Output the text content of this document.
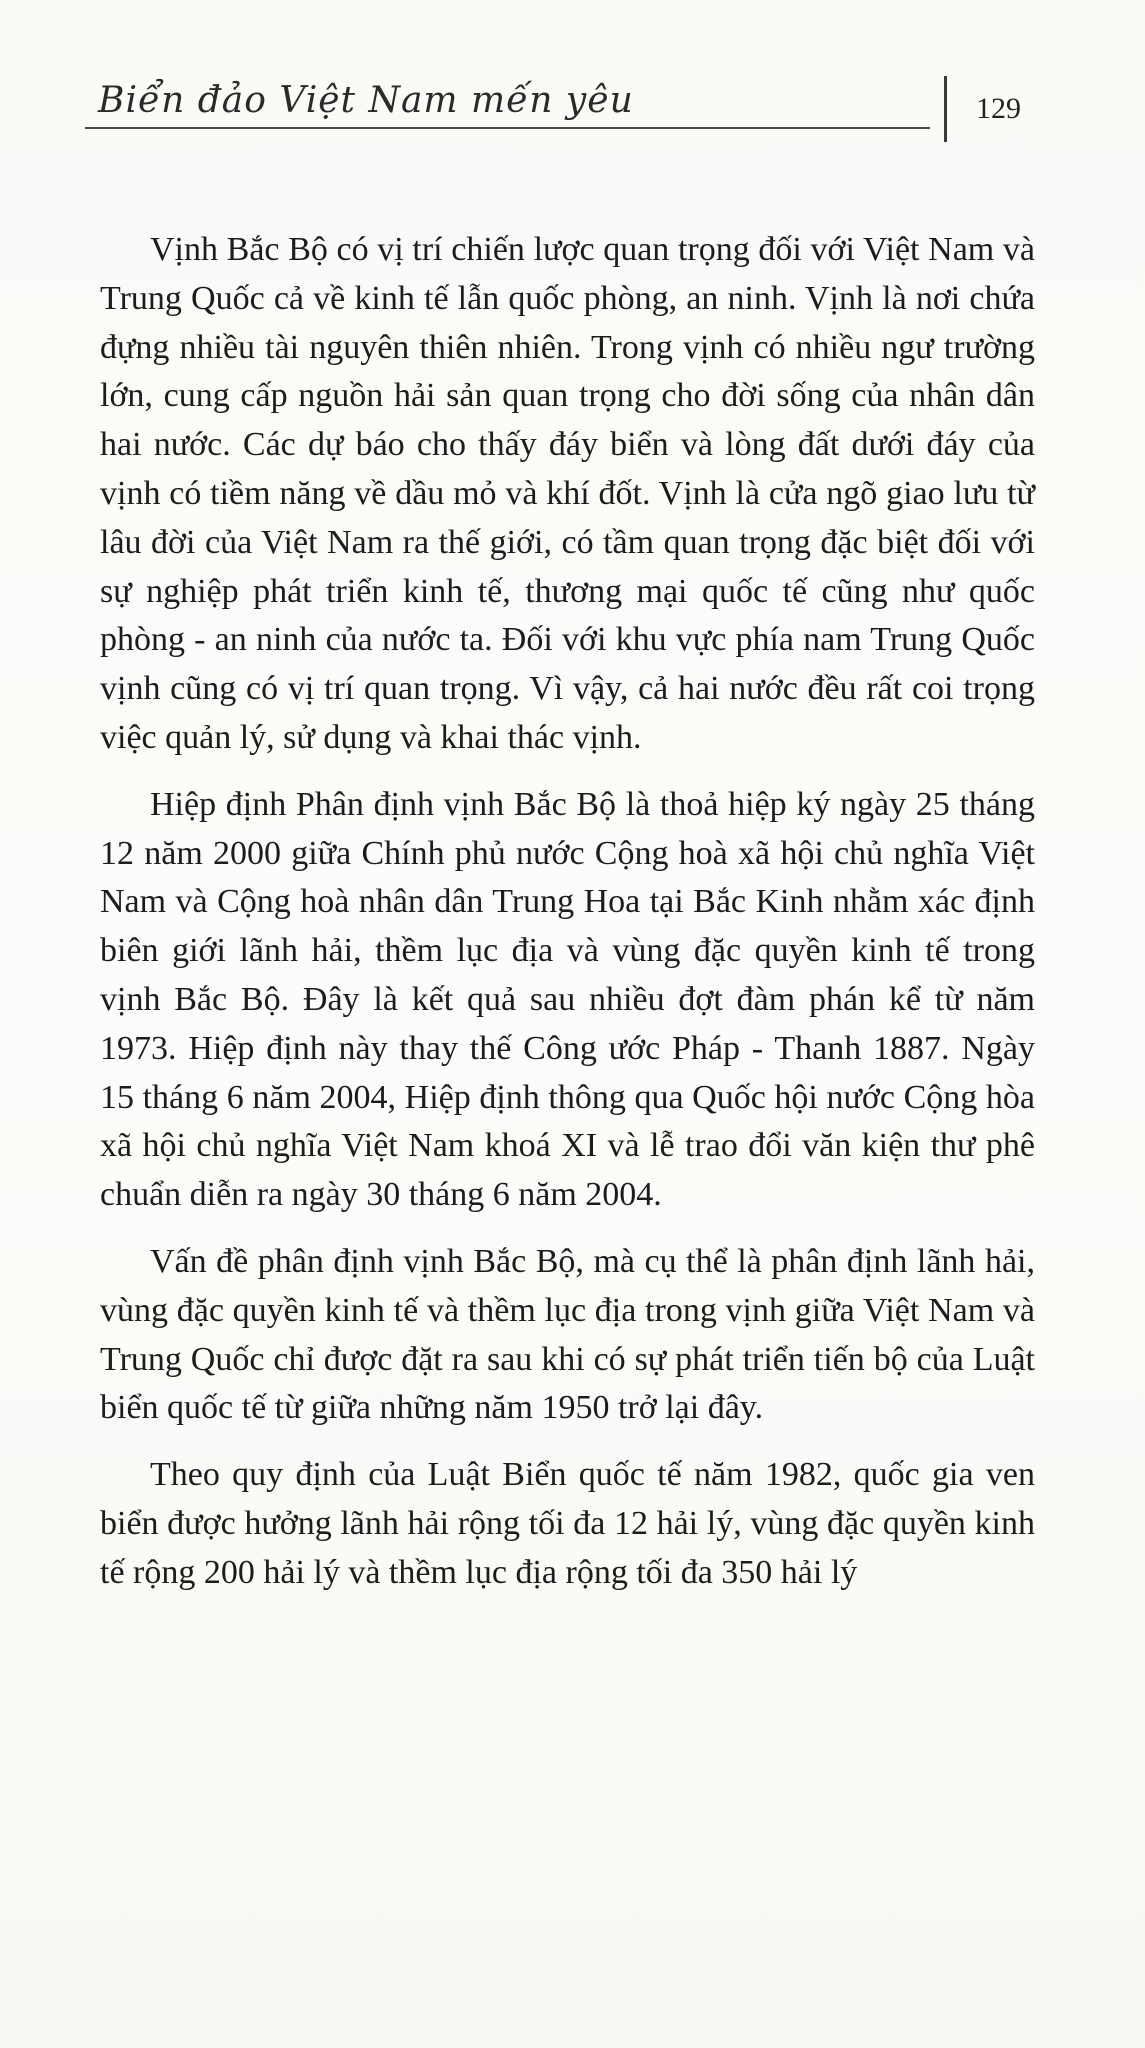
Biển đảo Việt Nam mến yêu	129

Vịnh Bắc Bộ có vị trí chiến lược quan trọng đối với Việt Nam và Trung Quốc cả về kinh tế lẫn quốc phòng, an ninh. Vịnh là nơi chứa đựng nhiều tài nguyên thiên nhiên. Trong vịnh có nhiều ngư trường lớn, cung cấp nguồn hải sản quan trọng cho đời sống của nhân dân hai nước. Các dự báo cho thấy đáy biển và lòng đất dưới đáy của vịnh có tiềm năng về dầu mỏ và khí đốt. Vịnh là cửa ngõ giao lưu từ lâu đời của Việt Nam ra thế giới, có tầm quan trọng đặc biệt đối với sự nghiệp phát triển kinh tế, thương mại quốc tế cũng như quốc phòng - an ninh của nước ta. Đối với khu vực phía nam Trung Quốc vịnh cũng có vị trí quan trọng. Vì vậy, cả hai nước đều rất coi trọng việc quản lý, sử dụng và khai thác vịnh.

Hiệp định Phân định vịnh Bắc Bộ là thoả hiệp ký ngày 25 tháng 12 năm 2000 giữa Chính phủ nước Cộng hoà xã hội chủ nghĩa Việt Nam và Cộng hoà nhân dân Trung Hoa tại Bắc Kinh nhằm xác định biên giới lãnh hải, thềm lục địa và vùng đặc quyền kinh tế trong vịnh Bắc Bộ. Đây là kết quả sau nhiều đợt đàm phán kể từ năm 1973. Hiệp định này thay thế Công ước Pháp - Thanh 1887. Ngày 15 tháng 6 năm 2004, Hiệp định thông qua Quốc hội nước Cộng hòa xã hội chủ nghĩa Việt Nam khoá XI và lễ trao đổi văn kiện thư phê chuẩn diễn ra ngày 30 tháng 6 năm 2004.

Vấn đề phân định vịnh Bắc Bộ, mà cụ thể là phân định lãnh hải, vùng đặc quyền kinh tế và thềm lục địa trong vịnh giữa Việt Nam và Trung Quốc chỉ được đặt ra sau khi có sự phát triển tiến bộ của Luật biển quốc tế từ giữa những năm 1950 trở lại đây.

Theo quy định của Luật Biển quốc tế năm 1982, quốc gia ven biển được hưởng lãnh hải rộng tối đa 12 hải lý, vùng đặc quyền kinh tế rộng 200 hải lý và thềm lục địa rộng tối đa 350 hải lý
